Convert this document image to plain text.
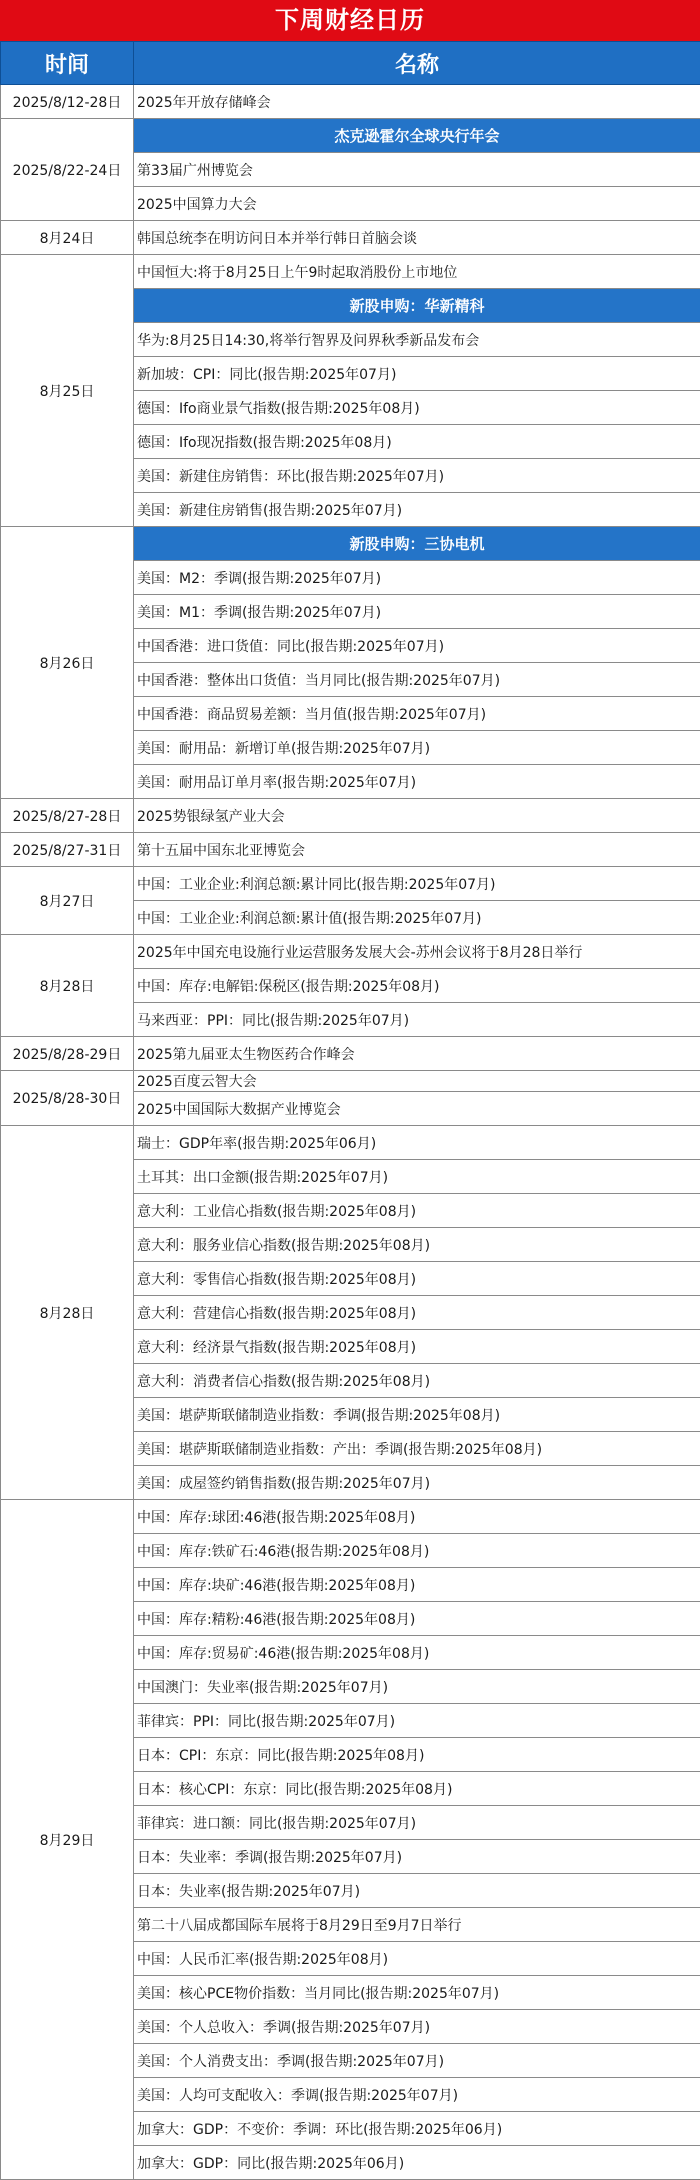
下周财经日历
时间	名称
2025/8/12-28日	2025年开放存储峰会
2025/8/22-24日	杰克逊霍尔全球央行年会
	第33届广州博览会
	2025中国算力大会
8月24日	韩国总统李在明访问日本并举行韩日首脑会谈
8月25日	中国恒大:将于8月25日上午9时起取消股份上市地位
	新股申购：华新精科
	华为:8月25日14:30,将举行智界及问界秋季新品发布会
	新加坡：CPI：同比(报告期:2025年07月)
	德国：Ifo商业景气指数(报告期:2025年08月)
	德国：Ifo现况指数(报告期:2025年08月)
	美国：新建住房销售：环比(报告期:2025年07月)
	美国：新建住房销售(报告期:2025年07月)
8月26日	新股申购：三协电机
	美国：M2：季调(报告期:2025年07月)
	美国：M1：季调(报告期:2025年07月)
	中国香港：进口货值：同比(报告期:2025年07月)
	中国香港：整体出口货值：当月同比(报告期:2025年07月)
	中国香港：商品贸易差额：当月值(报告期:2025年07月)
	美国：耐用品：新增订单(报告期:2025年07月)
	美国：耐用品订单月率(报告期:2025年07月)
2025/8/27-28日	2025势银绿氢产业大会
2025/8/27-31日	第十五届中国东北亚博览会
8月27日	中国：工业企业:利润总额:累计同比(报告期:2025年07月)
	中国：工业企业:利润总额:累计值(报告期:2025年07月)
8月28日	2025年中国充电设施行业运营服务发展大会-苏州会议将于8月28日举行
	中国：库存:电解铝:保税区(报告期:2025年08月)
	马来西亚：PPI：同比(报告期:2025年07月)
2025/8/28-29日	2025第九届亚太生物医药合作峰会
2025/8/28-30日	2025百度云智大会
	2025中国国际大数据产业博览会
8月28日	瑞士：GDP年率(报告期:2025年06月)
	土耳其：出口金额(报告期:2025年07月)
	意大利：工业信心指数(报告期:2025年08月)
	意大利：服务业信心指数(报告期:2025年08月)
	意大利：零售信心指数(报告期:2025年08月)
	意大利：营建信心指数(报告期:2025年08月)
	意大利：经济景气指数(报告期:2025年08月)
	意大利：消费者信心指数(报告期:2025年08月)
	美国：堪萨斯联储制造业指数：季调(报告期:2025年08月)
	美国：堪萨斯联储制造业指数：产出：季调(报告期:2025年08月)
	美国：成屋签约销售指数(报告期:2025年07月)
8月29日	中国：库存:球团:46港(报告期:2025年08月)
	中国：库存:铁矿石:46港(报告期:2025年08月)
	中国：库存:块矿:46港(报告期:2025年08月)
	中国：库存:精粉:46港(报告期:2025年08月)
	中国：库存:贸易矿:46港(报告期:2025年08月)
	中国澳门：失业率(报告期:2025年07月)
	菲律宾：PPI：同比(报告期:2025年07月)
	日本：CPI：东京：同比(报告期:2025年08月)
	日本：核心CPI：东京：同比(报告期:2025年08月)
	菲律宾：进口额：同比(报告期:2025年07月)
	日本：失业率：季调(报告期:2025年07月)
	日本：失业率(报告期:2025年07月)
	第二十八届成都国际车展将于8月29日至9月7日举行
	中国：人民币汇率(报告期:2025年08月)
	美国：核心PCE物价指数：当月同比(报告期:2025年07月)
	美国：个人总收入：季调(报告期:2025年07月)
	美国：个人消费支出：季调(报告期:2025年07月)
	美国：人均可支配收入：季调(报告期:2025年07月)
	加拿大：GDP：不变价：季调：环比(报告期:2025年06月)
	加拿大：GDP：同比(报告期:2025年06月)
